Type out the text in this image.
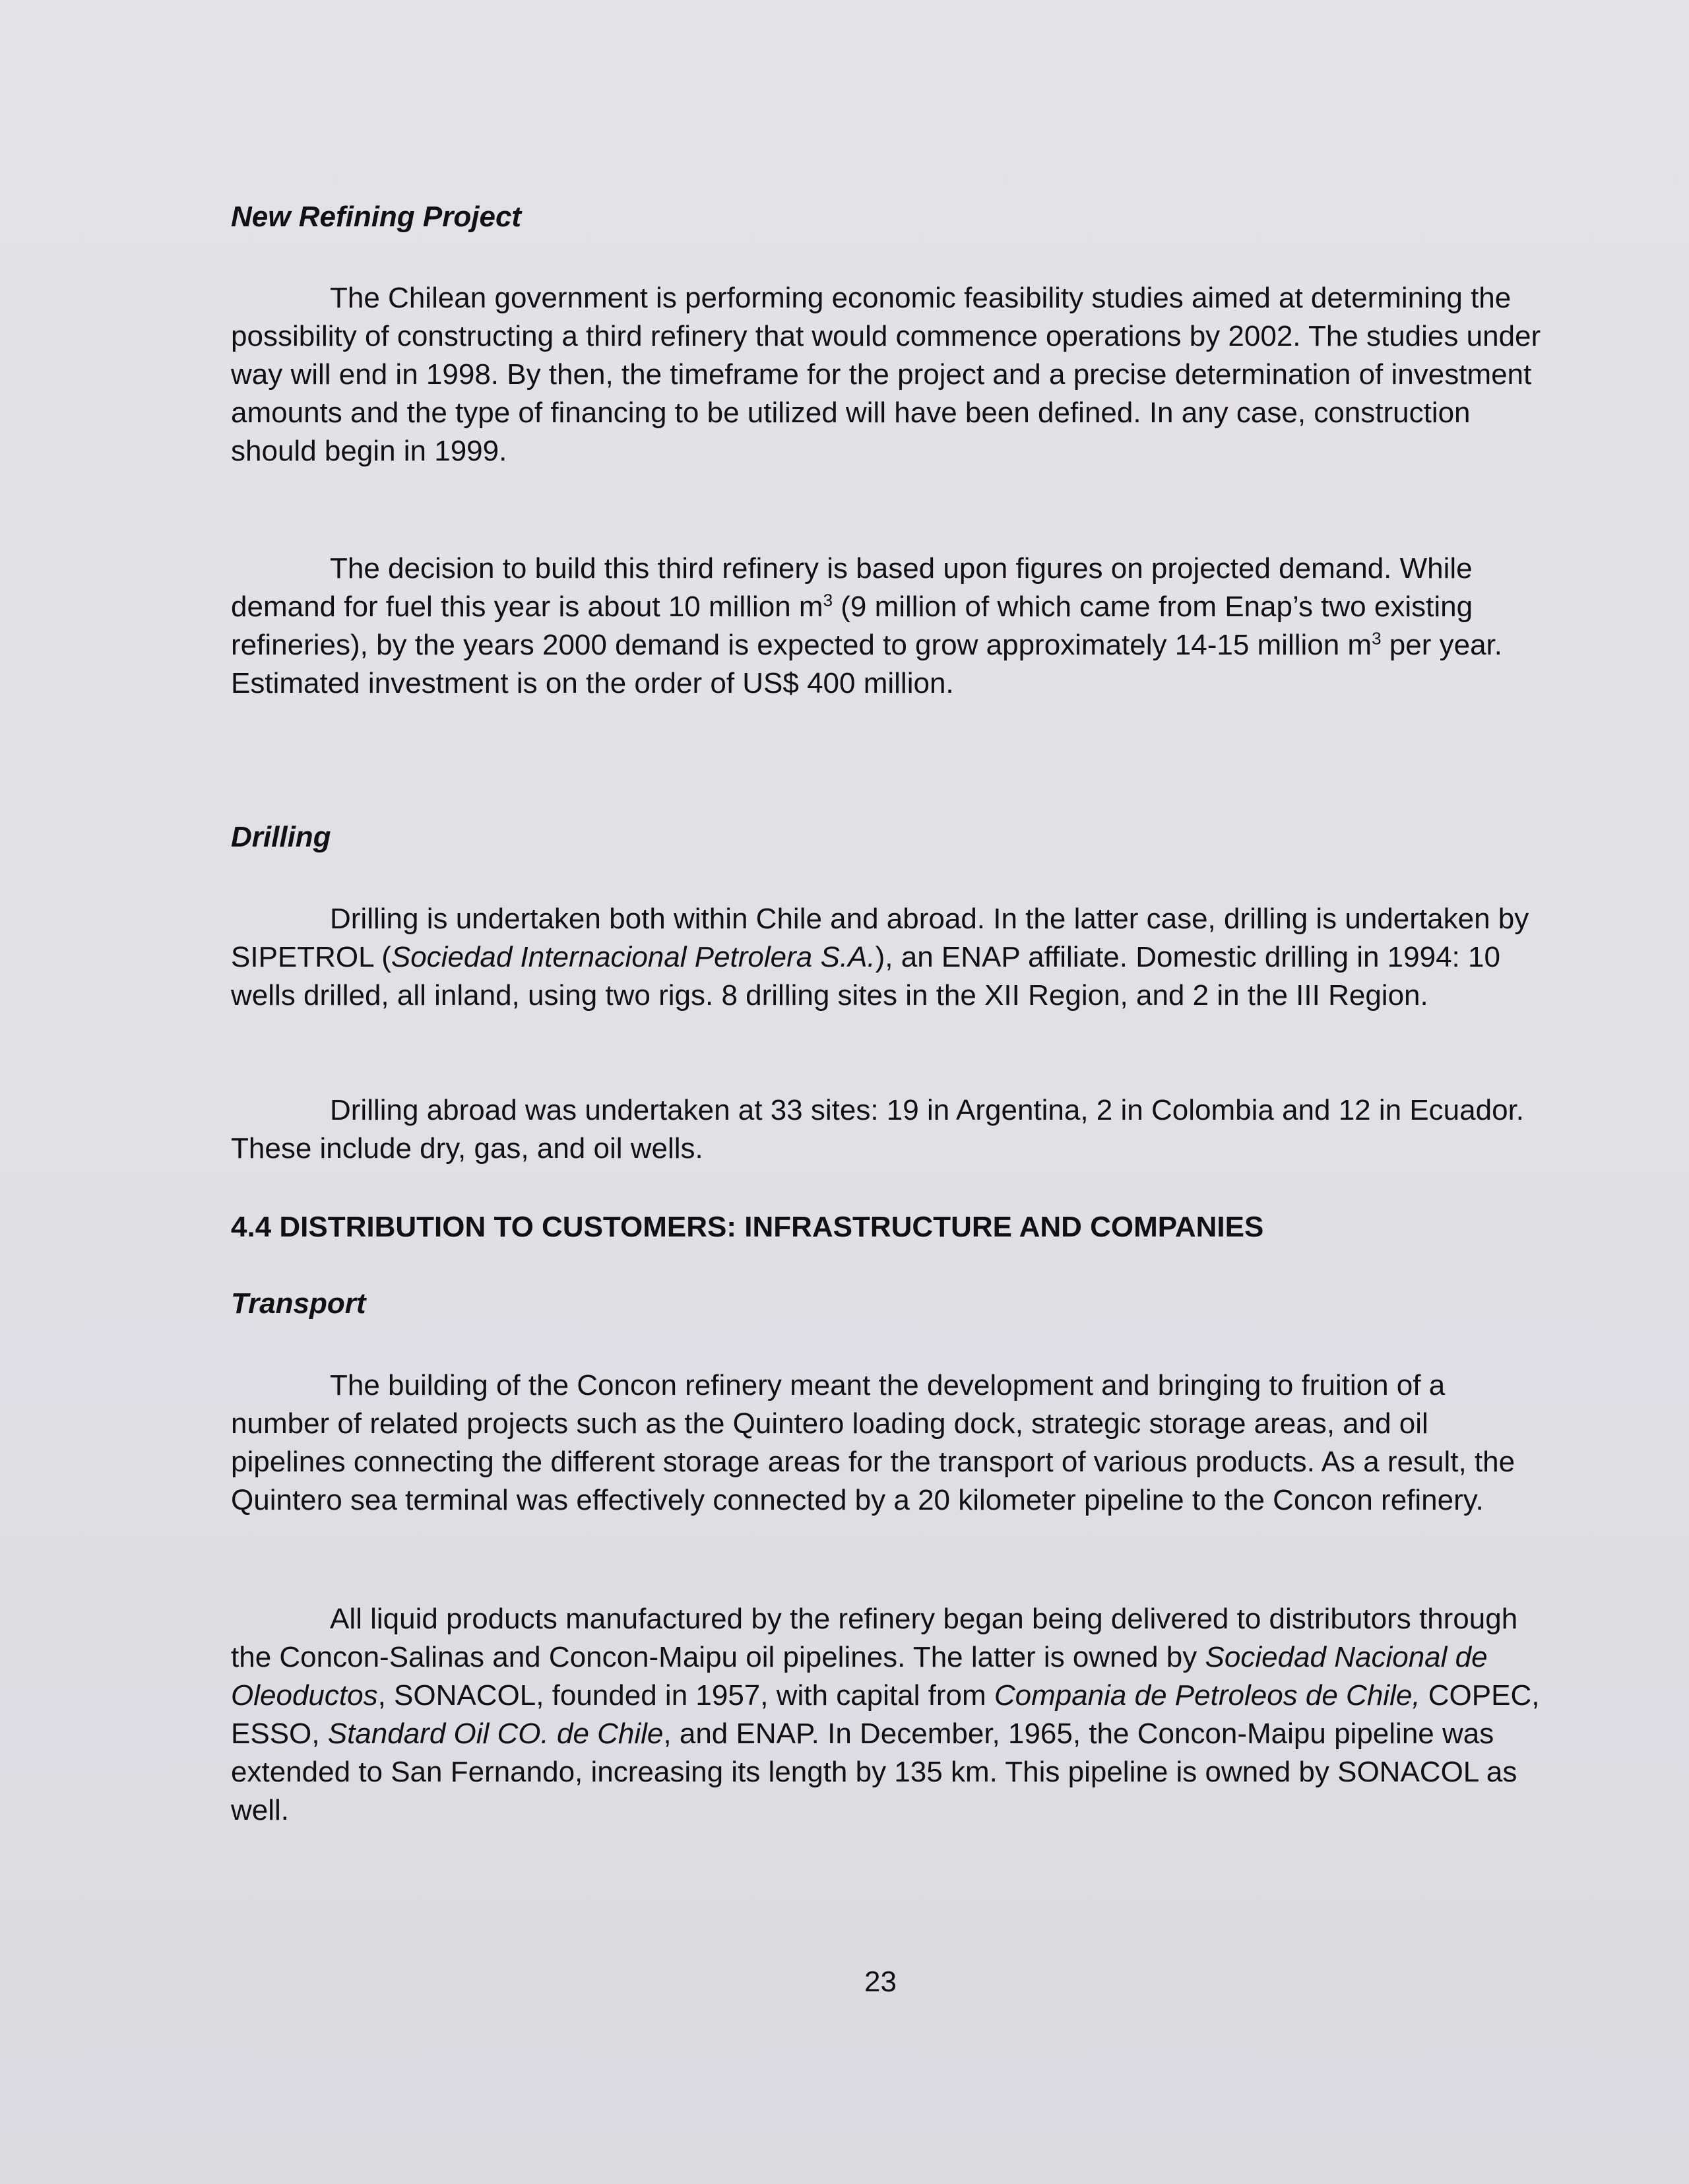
New Refining Project
The Chilean government is performing economic feasibility studies aimed at determining the possibility of constructing a third refinery that would commence operations by 2002. The studies under way will end in 1998. By then, the timeframe for the project and a precise determination of investment amounts and the type of financing to be utilized will have been defined. In any case, construction should begin in 1999.
The decision to build this third refinery is based upon figures on projected demand. While demand for fuel this year is about 10 million $m^3$ (9 million of which came from Enap’s two existing refineries), by the years 2000 demand is expected to grow approximately 14-15 million $m^3$ per year. Estimated investment is on the order of US$ 400 million.
Drilling
Drilling is undertaken both within Chile and abroad. In the latter case, drilling is undertaken by SIPETROL (Sociedad Internacional Petrolera S.A.), an ENAP affiliate. Domestic drilling in 1994: 10 wells drilled, all inland, using two rigs. 8 drilling sites in the XII Region, and 2 in the III Region.
Drilling abroad was undertaken at 33 sites: 19 in Argentina, 2 in Colombia and 12 in Ecuador. These include dry, gas, and oil wells.
4.4 DISTRIBUTION TO CUSTOMERS: INFRASTRUCTURE AND COMPANIES
Transport
The building of the Concon refinery meant the development and bringing to fruition of a number of related projects such as the Quintero loading dock, strategic storage areas, and oil pipelines connecting the different storage areas for the transport of various products. As a result, the Quintero sea terminal was effectively connected by a 20 kilometer pipeline to the Concon refinery.
All liquid products manufactured by the refinery began being delivered to distributors through the Concon-Salinas and Concon-Maipu oil pipelines. The latter is owned by Sociedad Nacional de Oleoductos, SONACOL, founded in 1957, with capital from Compania de Petroleos de Chile, COPEC, ESSO, Standard Oil CO. de Chile, and ENAP. In December, 1965, the Concon-Maipu pipeline was extended to San Fernando, increasing its length by 135 km. This pipeline is owned by SONACOL as well.
23
